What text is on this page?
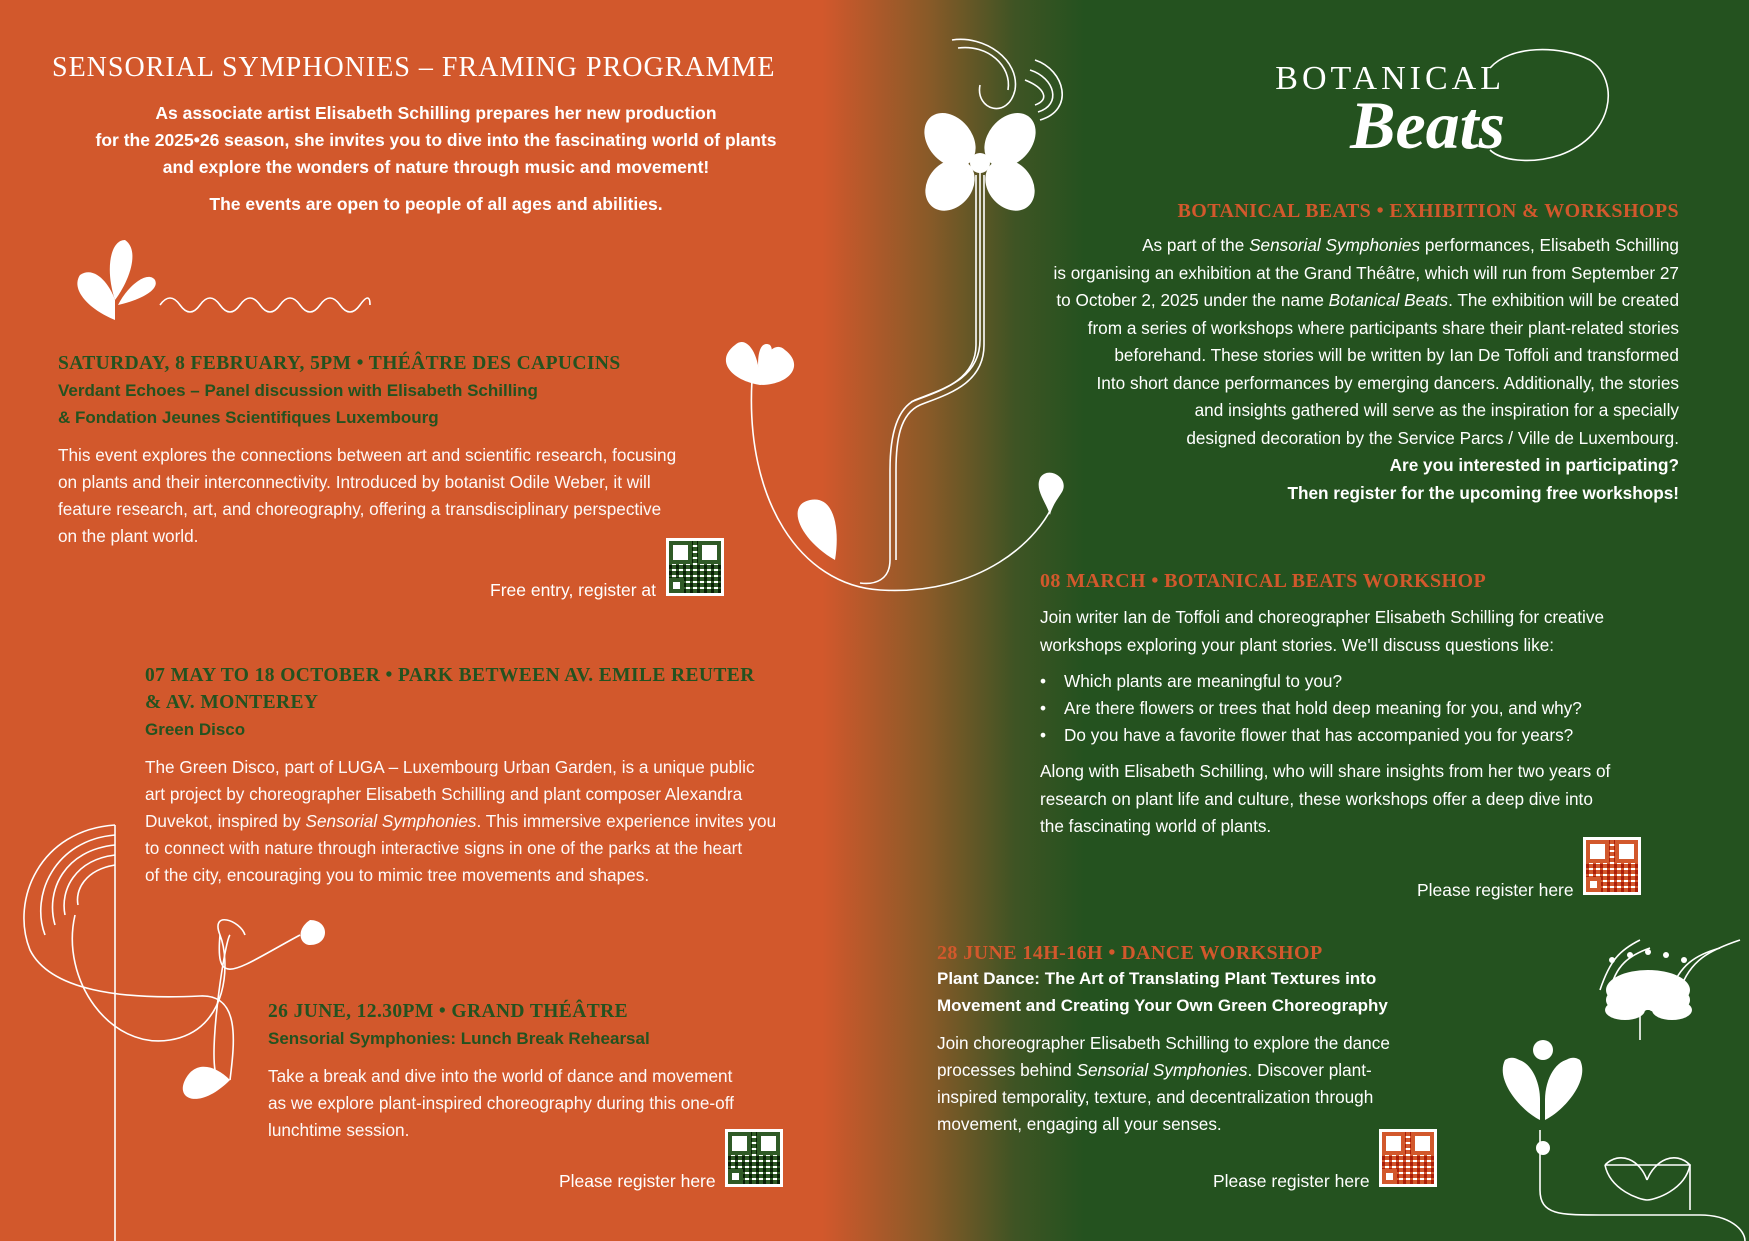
SENSORIAL SYMPHONIES – FRAMING PROGRAMME
As associate artist Elisabeth Schilling prepares her new production
for the 2025•26 season, she invites you to dive into the fascinating world of plants
and explore the wonders of nature through music and movement!
The events are open to people of all ages and abilities.
SATURDAY, 8 FEBRUARY, 5PM • THÉÂTRE DES CAPUCINS
Verdant Echoes – Panel discussion with Elisabeth Schilling
& Fondation Jeunes Scientifiques Luxembourg
This event explores the connections between art and scientific research, focusing
on plants and their interconnectivity. Introduced by botanist Odile Weber, it will
feature research, art, and choreography, offering a transdisciplinary perspective
on the plant world.
Free entry, register at
07 MAY TO 18 OCTOBER • PARK BETWEEN AV. EMILE REUTER
& AV. MONTEREY
Green Disco
The Green Disco, part of LUGA – Luxembourg Urban Garden, is a unique public
art project by choreographer Elisabeth Schilling and plant composer Alexandra
Duvekot, inspired by Sensorial Symphonies. This immersive experience invites you
to connect with nature through interactive signs in one of the parks at the heart
of the city, encouraging you to mimic tree movements and shapes.
26 JUNE, 12.30PM • GRAND THÉÂTRE
Sensorial Symphonies: Lunch Break Rehearsal
Take a break and dive into the world of dance and movement
as we explore plant-inspired choreography during this one-off
lunchtime session.
Please register here
BOTANICAL
Beats
BOTANICAL BEATS • EXHIBITION & WORKSHOPS
As part of the Sensorial Symphonies performances, Elisabeth Schilling
is organising an exhibition at the Grand Théâtre, which will run from September 27
to October 2, 2025 under the name Botanical Beats. The exhibition will be created
from a series of workshops where participants share their plant-related stories
beforehand. These stories will be written by Ian De Toffoli and transformed
Into short dance performances by emerging dancers. Additionally, the stories
and insights gathered will serve as the inspiration for a specially
designed decoration by the Service Parcs / Ville de Luxembourg.
Are you interested in participating?
Then register for the upcoming free workshops!
08 MARCH • BOTANICAL BEATS WORKSHOP
Join writer Ian de Toffoli and choreographer Elisabeth Schilling for creative
workshops exploring your plant stories. We'll discuss questions like:
• Which plants are meaningful to you?
• Are there flowers or trees that hold deep meaning for you, and why?
• Do you have a favorite flower that has accompanied you for years?
Along with Elisabeth Schilling, who will share insights from her two years of
research on plant life and culture, these workshops offer a deep dive into
the fascinating world of plants.
Please register here
28 JUNE 14H-16H • DANCE WORKSHOP
Plant Dance: The Art of Translating Plant Textures into
Movement and Creating Your Own Green Choreography
Join choreographer Elisabeth Schilling to explore the dance
processes behind Sensorial Symphonies. Discover plant-
inspired temporality, texture, and decentralization through
movement, engaging all your senses.
Please register here
